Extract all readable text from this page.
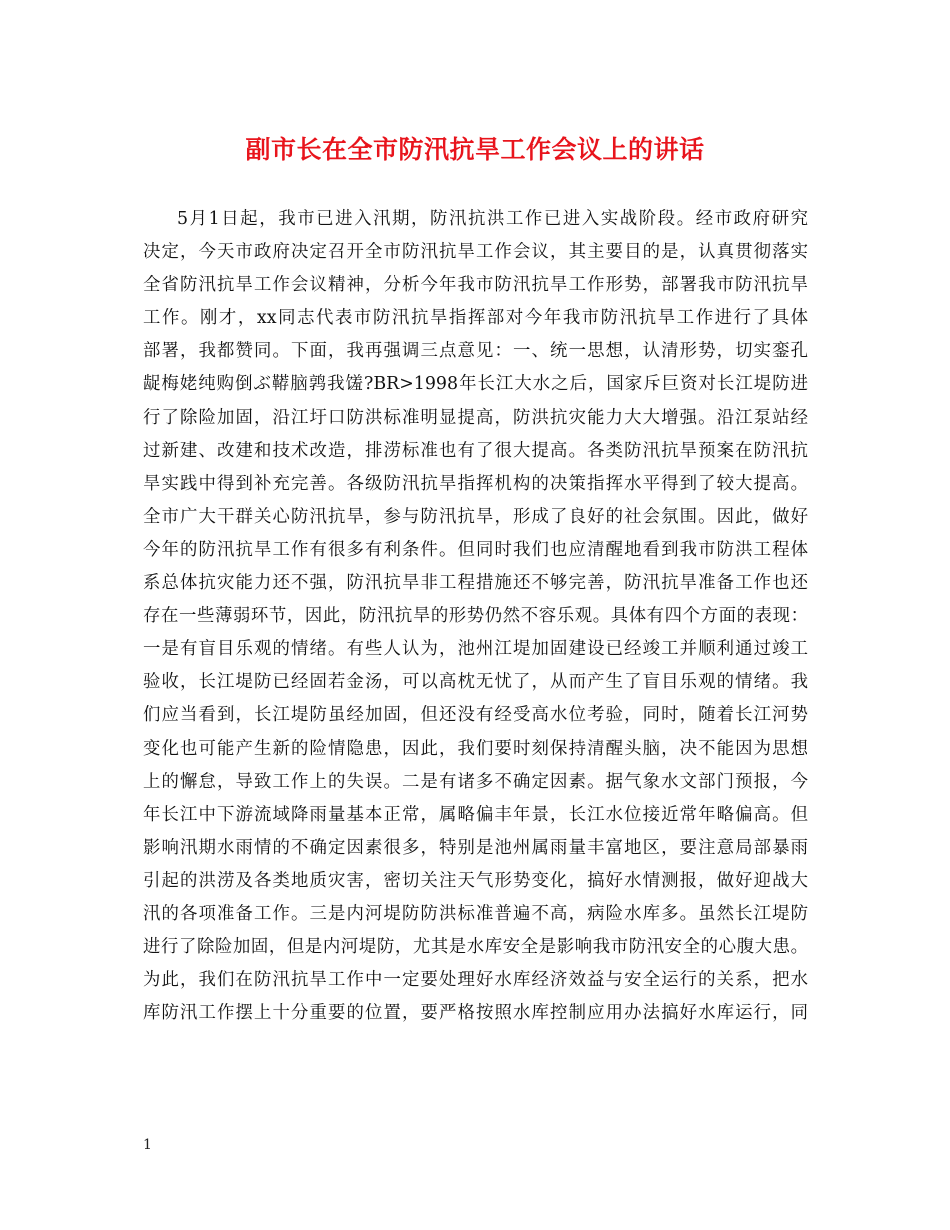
副市长在全市防汛抗旱工作会议上的讲话
5月1日起，我市已进入汛期，防汛抗洪工作已进入实战阶段。经市政府研究
决定，今天市政府决定召开全市防汛抗旱工作会议，其主要目的是，认真贯彻落实
全省防汛抗旱工作会议精神，分析今年我市防汛抗旱工作形势，部署我市防汛抗旱
工作。刚才，xx同志代表市防汛抗旱指挥部对今年我市防汛抗旱工作进行了具体
部署，我都赞同。下面，我再强调三点意见：一、统一思想，认清形势，切实銮孔
龊梅姥纯购倒ぶ鞯脑鹑我馐?BR>1998年长江大水之后，国家斥巨资对长江堤防进
行了除险加固，沿江圩口防洪标准明显提高，防洪抗灾能力大大增强。沿江泵站经
过新建、改建和技术改造，排涝标准也有了很大提高。各类防汛抗旱预案在防汛抗
旱实践中得到补充完善。各级防汛抗旱指挥机构的决策指挥水平得到了较大提高。
全市广大干群关心防汛抗旱，参与防汛抗旱，形成了良好的社会氛围。因此，做好
今年的防汛抗旱工作有很多有利条件。但同时我们也应清醒地看到我市防洪工程体
系总体抗灾能力还不强，防汛抗旱非工程措施还不够完善，防汛抗旱准备工作也还
存在一些薄弱环节，因此，防汛抗旱的形势仍然不容乐观。具体有四个方面的表现：
一是有盲目乐观的情绪。有些人认为，池州江堤加固建设已经竣工并顺利通过竣工
验收，长江堤防已经固若金汤，可以高枕无忧了，从而产生了盲目乐观的情绪。我
们应当看到，长江堤防虽经加固，但还没有经受高水位考验，同时，随着长江河势
变化也可能产生新的险情隐患，因此，我们要时刻保持清醒头脑，决不能因为思想
上的懈怠，导致工作上的失误。二是有诸多不确定因素。据气象水文部门预报，今
年长江中下游流域降雨量基本正常，属略偏丰年景，长江水位接近常年略偏高。但
影响汛期水雨情的不确定因素很多，特别是池州属雨量丰富地区，要注意局部暴雨
引起的洪涝及各类地质灾害，密切关注天气形势变化，搞好水情测报，做好迎战大
汛的各项准备工作。三是内河堤防防洪标准普遍不高，病险水库多。虽然长江堤防
进行了除险加固，但是内河堤防，尤其是水库安全是影响我市防汛安全的心腹大患。
为此，我们在防汛抗旱工作中一定要处理好水库经济效益与安全运行的关系，把水
库防汛工作摆上十分重要的位置，要严格按照水库控制应用办法搞好水库运行，同
1
